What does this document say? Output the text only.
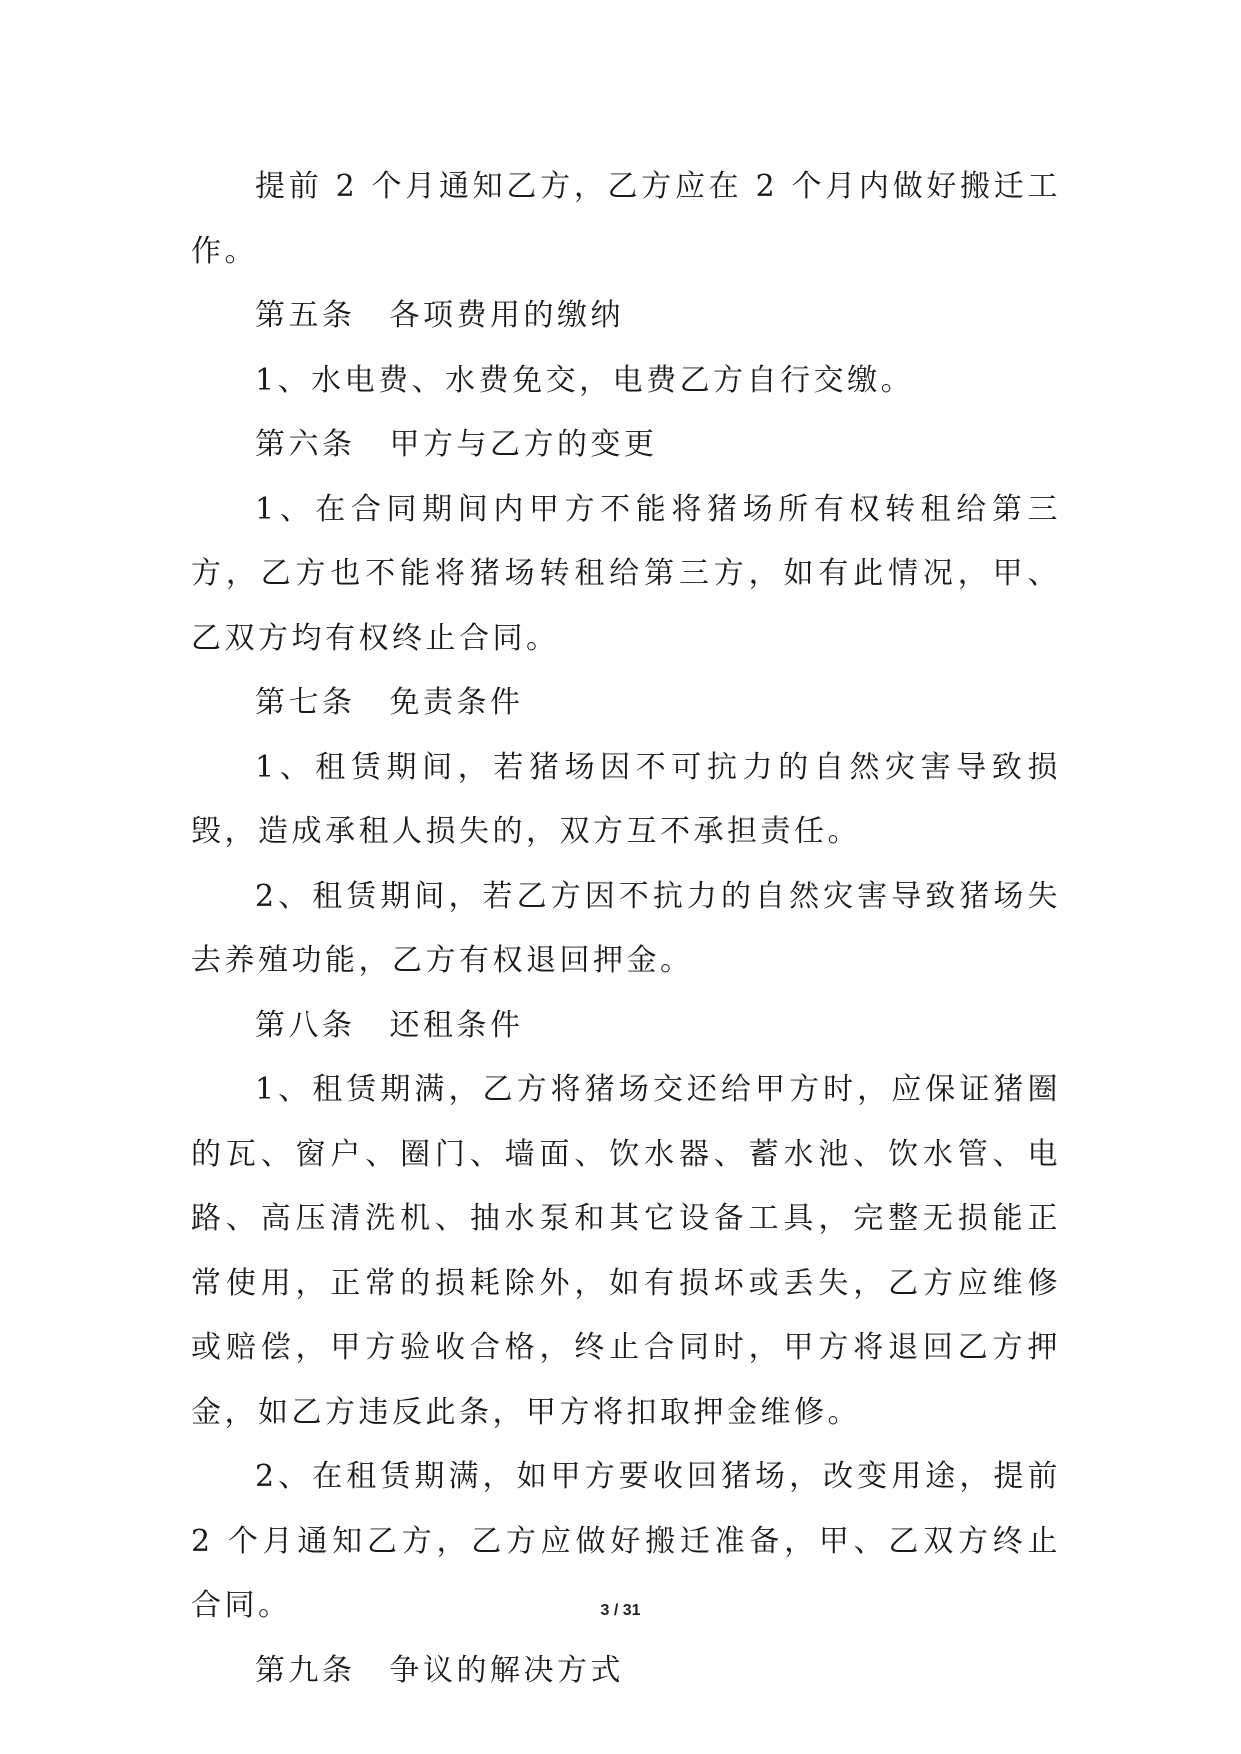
提前 2 个月通知乙方，乙方应在 2 个月内做好搬迁工作。

第五条 各项费用的缴纳

1、水电费、水费免交，电费乙方自行交缴。

第六条 甲方与乙方的变更

1、在合同期间内甲方不能将猪场所有权转租给第三方，乙方也不能将猪场转租给第三方，如有此情况，甲、乙双方均有权终止合同。

第七条 免责条件

1、租赁期间，若猪场因不可抗力的自然灾害导致损毁，造成承租人损失的，双方互不承担责任。

2、租赁期间，若乙方因不抗力的自然灾害导致猪场失去养殖功能，乙方有权退回押金。

第八条 还租条件

1、租赁期满，乙方将猪场交还给甲方时，应保证猪圈的瓦、窗户、圈门、墙面、饮水器、蓄水池、饮水管、电路、高压清洗机、抽水泵和其它设备工具，完整无损能正常使用，正常的损耗除外，如有损坏或丢失，乙方应维修或赔偿，甲方验收合格，终止合同时，甲方将退回乙方押金，如乙方违反此条，甲方将扣取押金维修。

2、在租赁期满，如甲方要收回猪场，改变用途，提前 2 个月通知乙方，乙方应做好搬迁准备，甲、乙双方终止合同。

第九条 争议的解决方式

3 / 31
